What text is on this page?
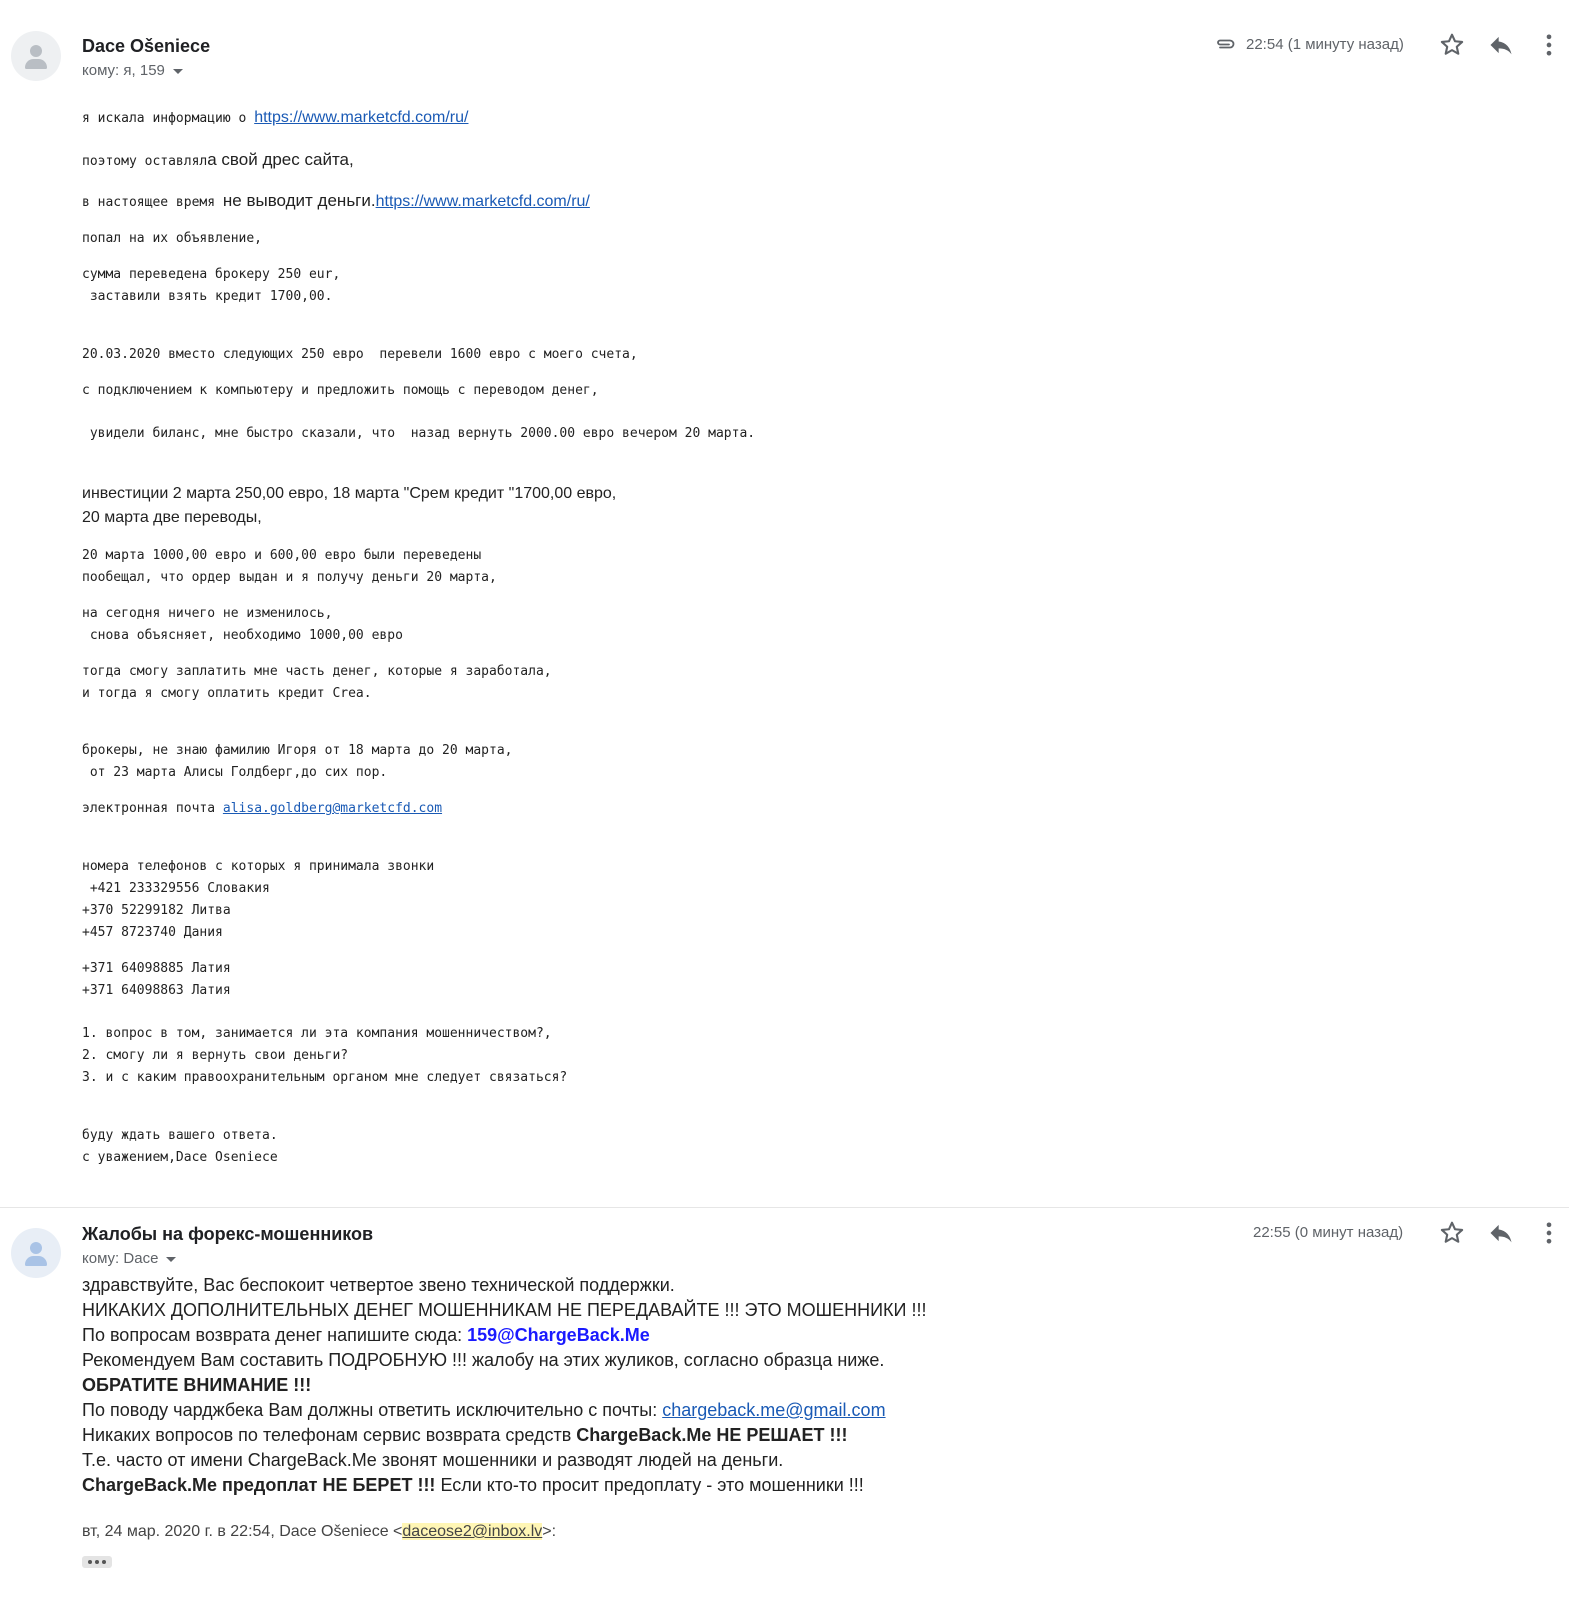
Dace Ošeniece
кому: я, 159
22:54 (1 минуту назад)
я искала информацию о https://www.marketcfd.com/ru/
поэтому оставляла свой дрес сайта,
в настоящее время не выводит деньги.https://www.marketcfd.com/ru/
попал на их объявление,
сумма переведена брокеру 250 eur,
заставили взять кредит 1700,00.
20.03.2020 вместо следующих 250 евро  перевели 1600 евро с моего счета,
с подключением к компьютеру и предложить помощь с переводом денег,
увидели биланс, мне быстро сказали, что  назад вернуть 2000.00 евро вечером 20 марта.
инвестиции 2 марта 250,00 евро, 18 марта "Срем кредит "1700,00 евро,
20 марта две переводы,
20 марта 1000,00 евро и 600,00 евро были переведены
пообещал, что ордер выдан и я получу деньги 20 марта,
на сегодня ничего не изменилось,
снова объясняет, необходимо 1000,00 евро
тогда смогу заплатить мне часть денег, которые я заработала,
и тогда я смогу оплатить кредит Crea.
брокеры, не знаю фамилию Игоря от 18 марта до 20 марта,
от 23 марта Алисы Голдберг,до сих пор.
электронная почта alisa.goldberg@marketcfd.com
номера телефонов с которых я принимала звонки
+421 233329556 Словакия
+370 52299182 Литва
+457 8723740 Дания
+371 64098885 Латия
+371 64098863 Латия
1. вопрос в том, занимается ли эта компания мошенничеством?,
2. смогу ли я вернуть свои деньги?
3. и с каким правоохранительным органом мне следует связаться?
буду ждать вашего ответа.
с уважением,Dace Oseniece
Жалобы на форекс-мошенников
кому: Dace
22:55 (0 минут назад)
здравствуйте, Вас беспокоит четвертое звено технической поддержки.
НИКАКИХ ДОПОЛНИТЕЛЬНЫХ ДЕНЕГ МОШЕННИКАМ НЕ ПЕРЕДАВАЙТЕ !!! ЭТО МОШЕННИКИ !!!
По вопросам возврата денег напишите сюда: 159@ChargeBack.Me
Рекомендуем Вам составить ПОДРОБНУЮ !!! жалобу на этих жуликов, согласно образца ниже.
ОБРАТИТЕ ВНИМАНИЕ !!!
По поводу чарджбека Вам должны ответить исключительно с почты: chargeback.me@gmail.com
Никаких вопросов по телефонам сервис возврата средств ChargeBack.Me НЕ РЕШАЕТ !!!
Т.е. часто от имени ChargeBack.Me звонят мошенники и разводят людей на деньги.
ChargeBack.Me предоплат НЕ БЕРЕТ !!! Если кто-то просит предоплату - это мошенники !!!
вт, 24 мар. 2020 г. в 22:54, Dace Ošeniece <daceose2@inbox.lv>:
